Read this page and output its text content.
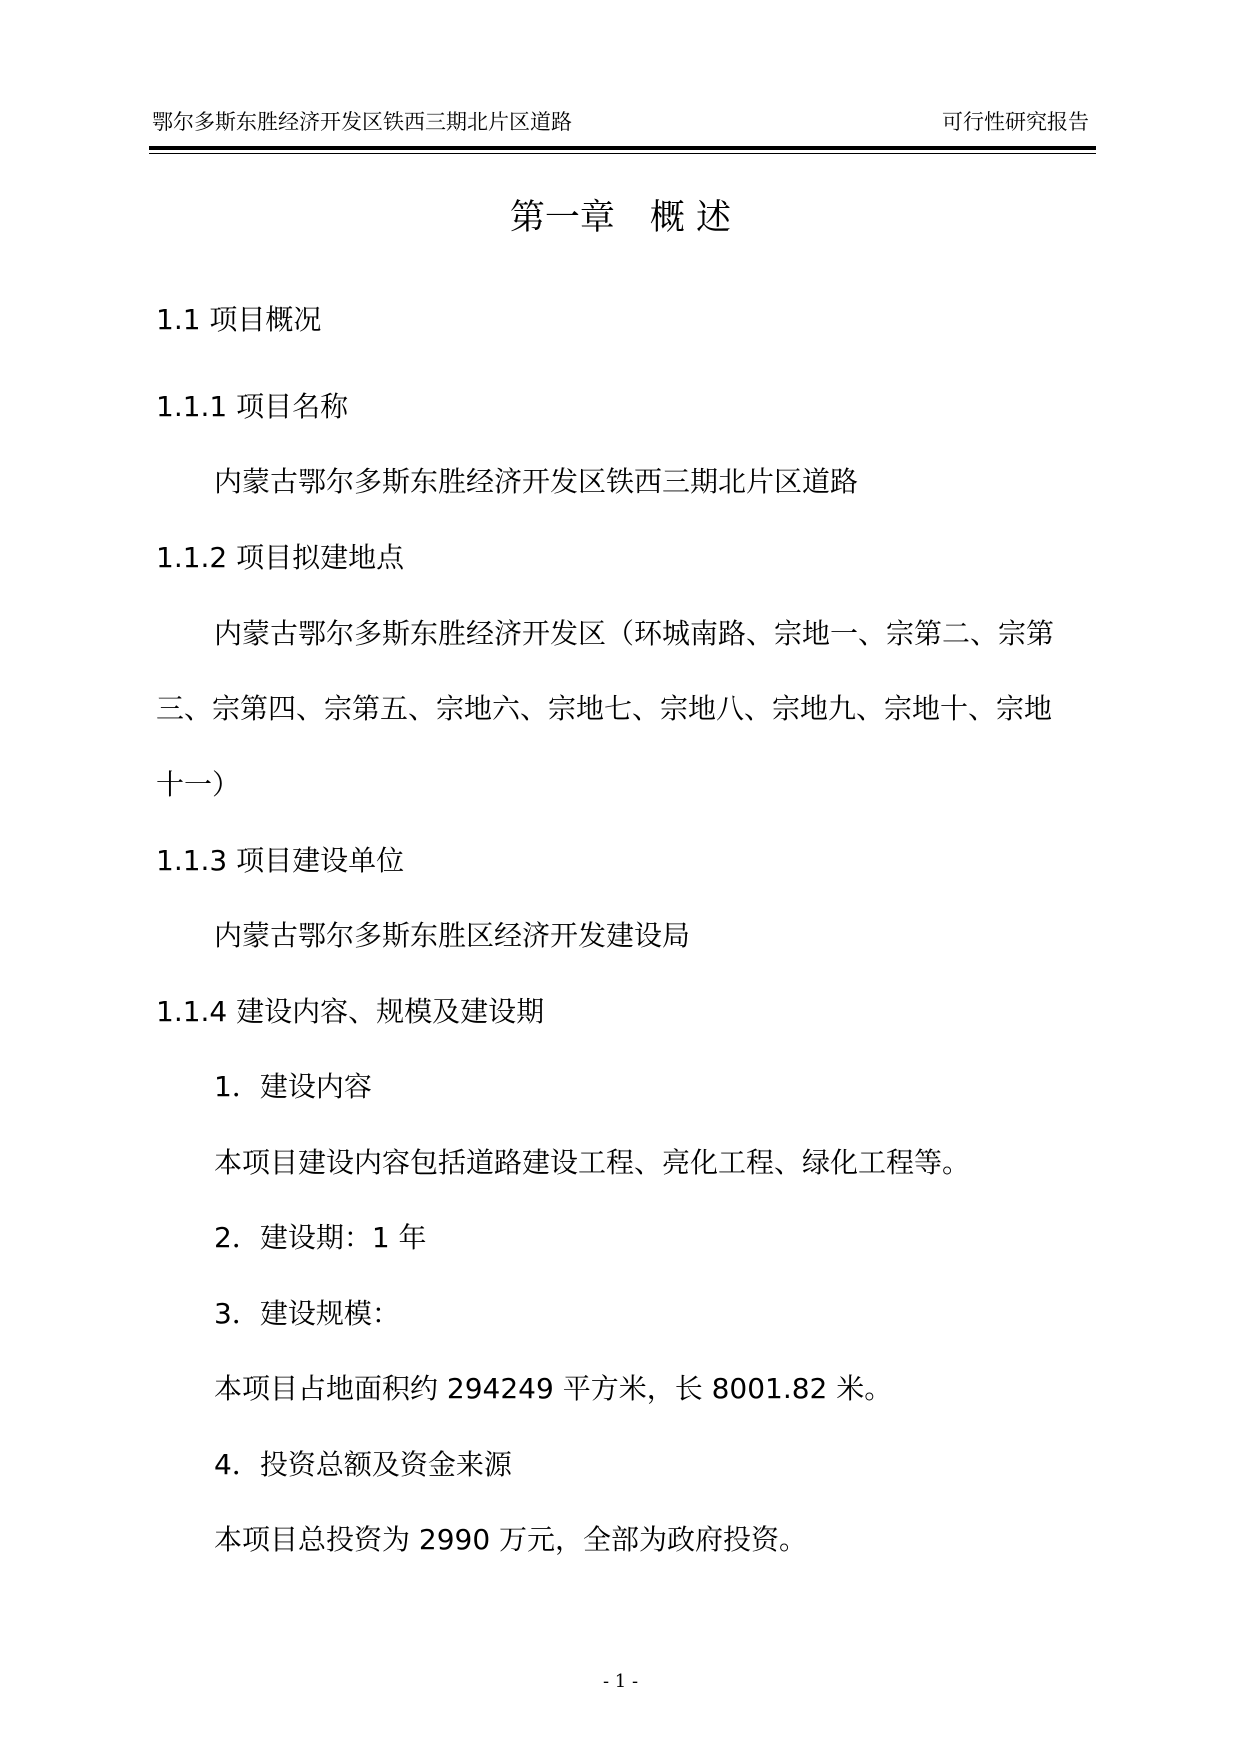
鄂尔多斯东胜经济开发区铁西三期北片区道路	可行性研究报告
第一章　概 述
1.1 项目概况
1.1.1 项目名称
内蒙古鄂尔多斯东胜经济开发区铁西三期北片区道路
1.1.2 项目拟建地点
内蒙古鄂尔多斯东胜经济开发区（环城南路、宗地一、宗第二、宗第
三、宗第四、宗第五、宗地六、宗地七、宗地八、宗地九、宗地十、宗地
十一）
1.1.3 项目建设单位
内蒙古鄂尔多斯东胜区经济开发建设局
1.1.4 建设内容、规模及建设期
1．建设内容
本项目建设内容包括道路建设工程、亮化工程、绿化工程等。
2．建设期：1 年
3．建设规模：
本项目占地面积约 294249 平方米，长 8001.82 米。
4．投资总额及资金来源
本项目总投资为 2990 万元，全部为政府投资。
- 1 -
